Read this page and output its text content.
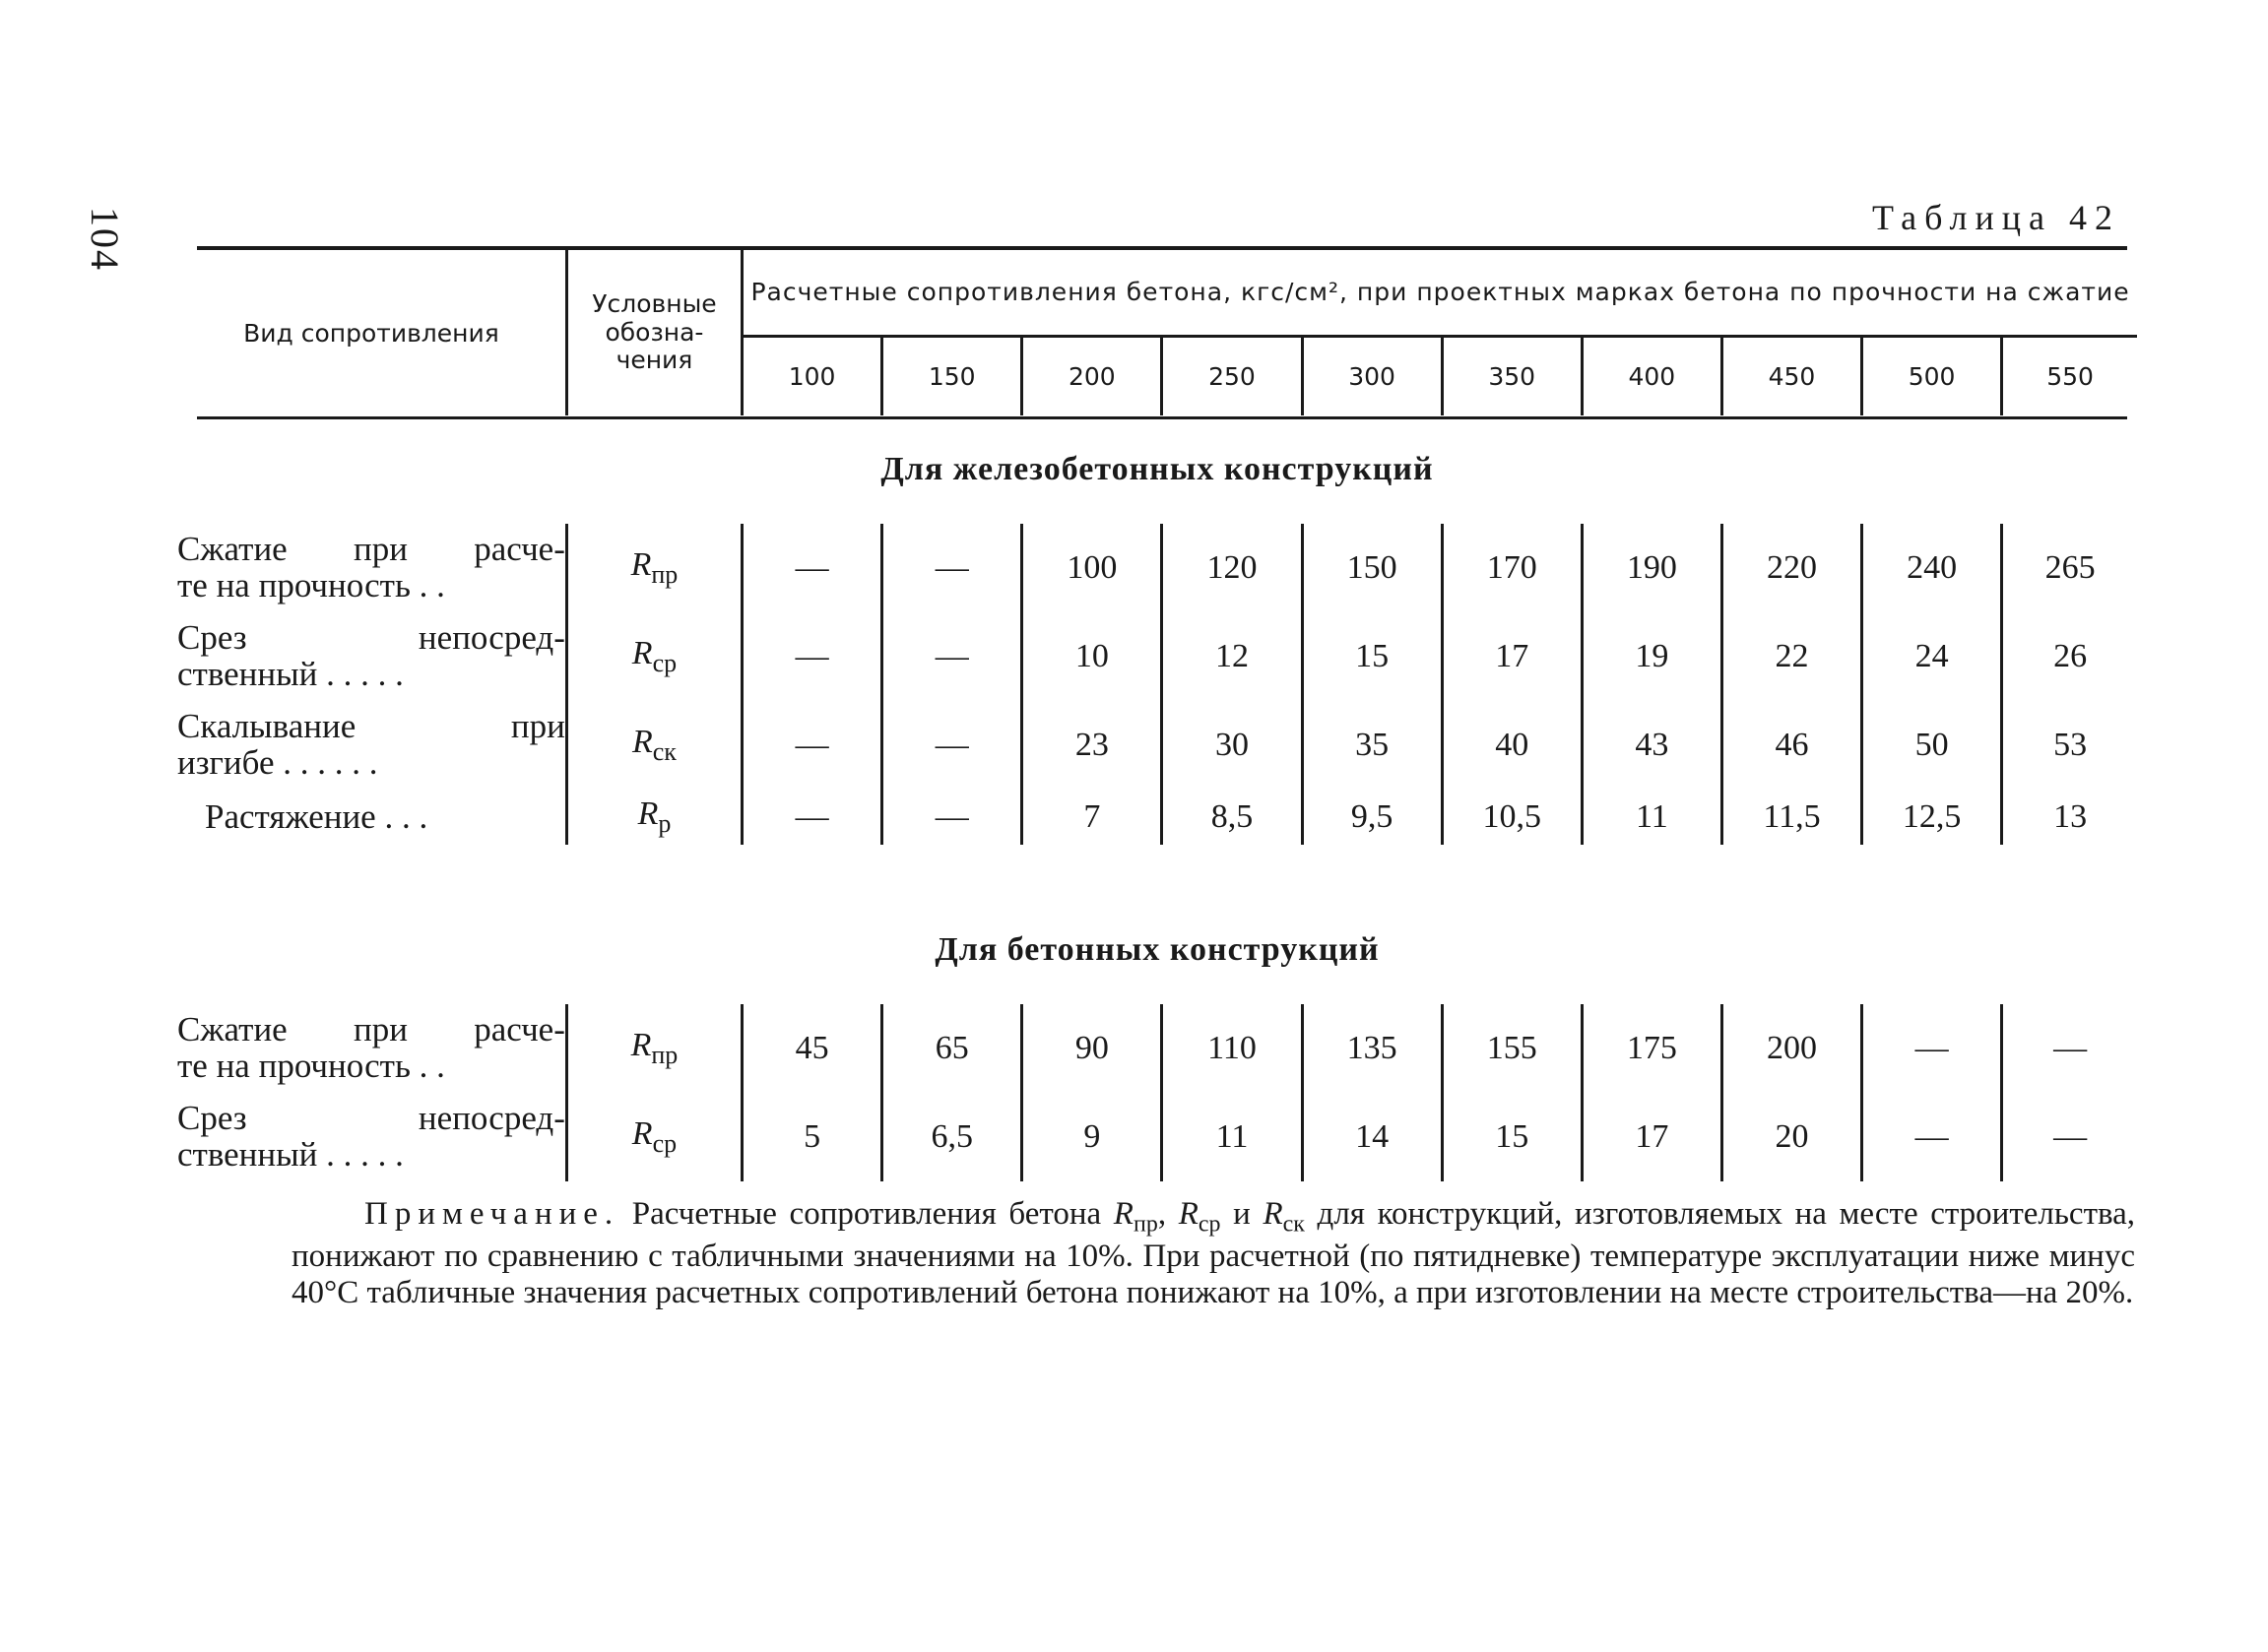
104	Таблица 42
Вид сопротивления	Условные обозна- чения	Расчетные сопротивления бетона, кгс/см², при проектных марках бетона по прочности на сжатие									
		100	150	200	250	300	350	400	450	500	550
Для железобетонных конструкций											

Сжатие при расче-
те на прочность . .	$R_{пр}$	—	—	100	120	150	170	190	220	240	265

Срез непосред-
ственный . . . . .	$R_{ср}$	—	—	10	12	15	17	19	22	24	26

Скалывание при
изгибе . . . . . .	$R_{ск}$	—	—	23	30	35	40	43	46	50	53

Растяжение . . .	$R_р$	—	—	7	8,5	9,5	10,5	11	11,5	12,5	13

Для бетонных конструкций											

Сжатие при расче-
те на прочность . .	$R_{пр}$	45	65	90	110	135	155	175	200	—	—

Срез непосред-
ственный . . . . .	$R_{ср}$	5	6,5	9	11	14	15	17	20	—	—
Примечание. Расчетные сопротивления бетона $R_{пр}$, $R_{ср}$ и $R_{ск}$ для конструкций, изготовляемых на месте строительства, понижают по сравнению с табличными значениями на 10%. При расчетной (по пятидневке) температуре эксплуатации ниже минус 40°С табличные значения расчетных сопротивлений бетона понижают на 10%, а при изготовлении на месте строительства—на 20%.
